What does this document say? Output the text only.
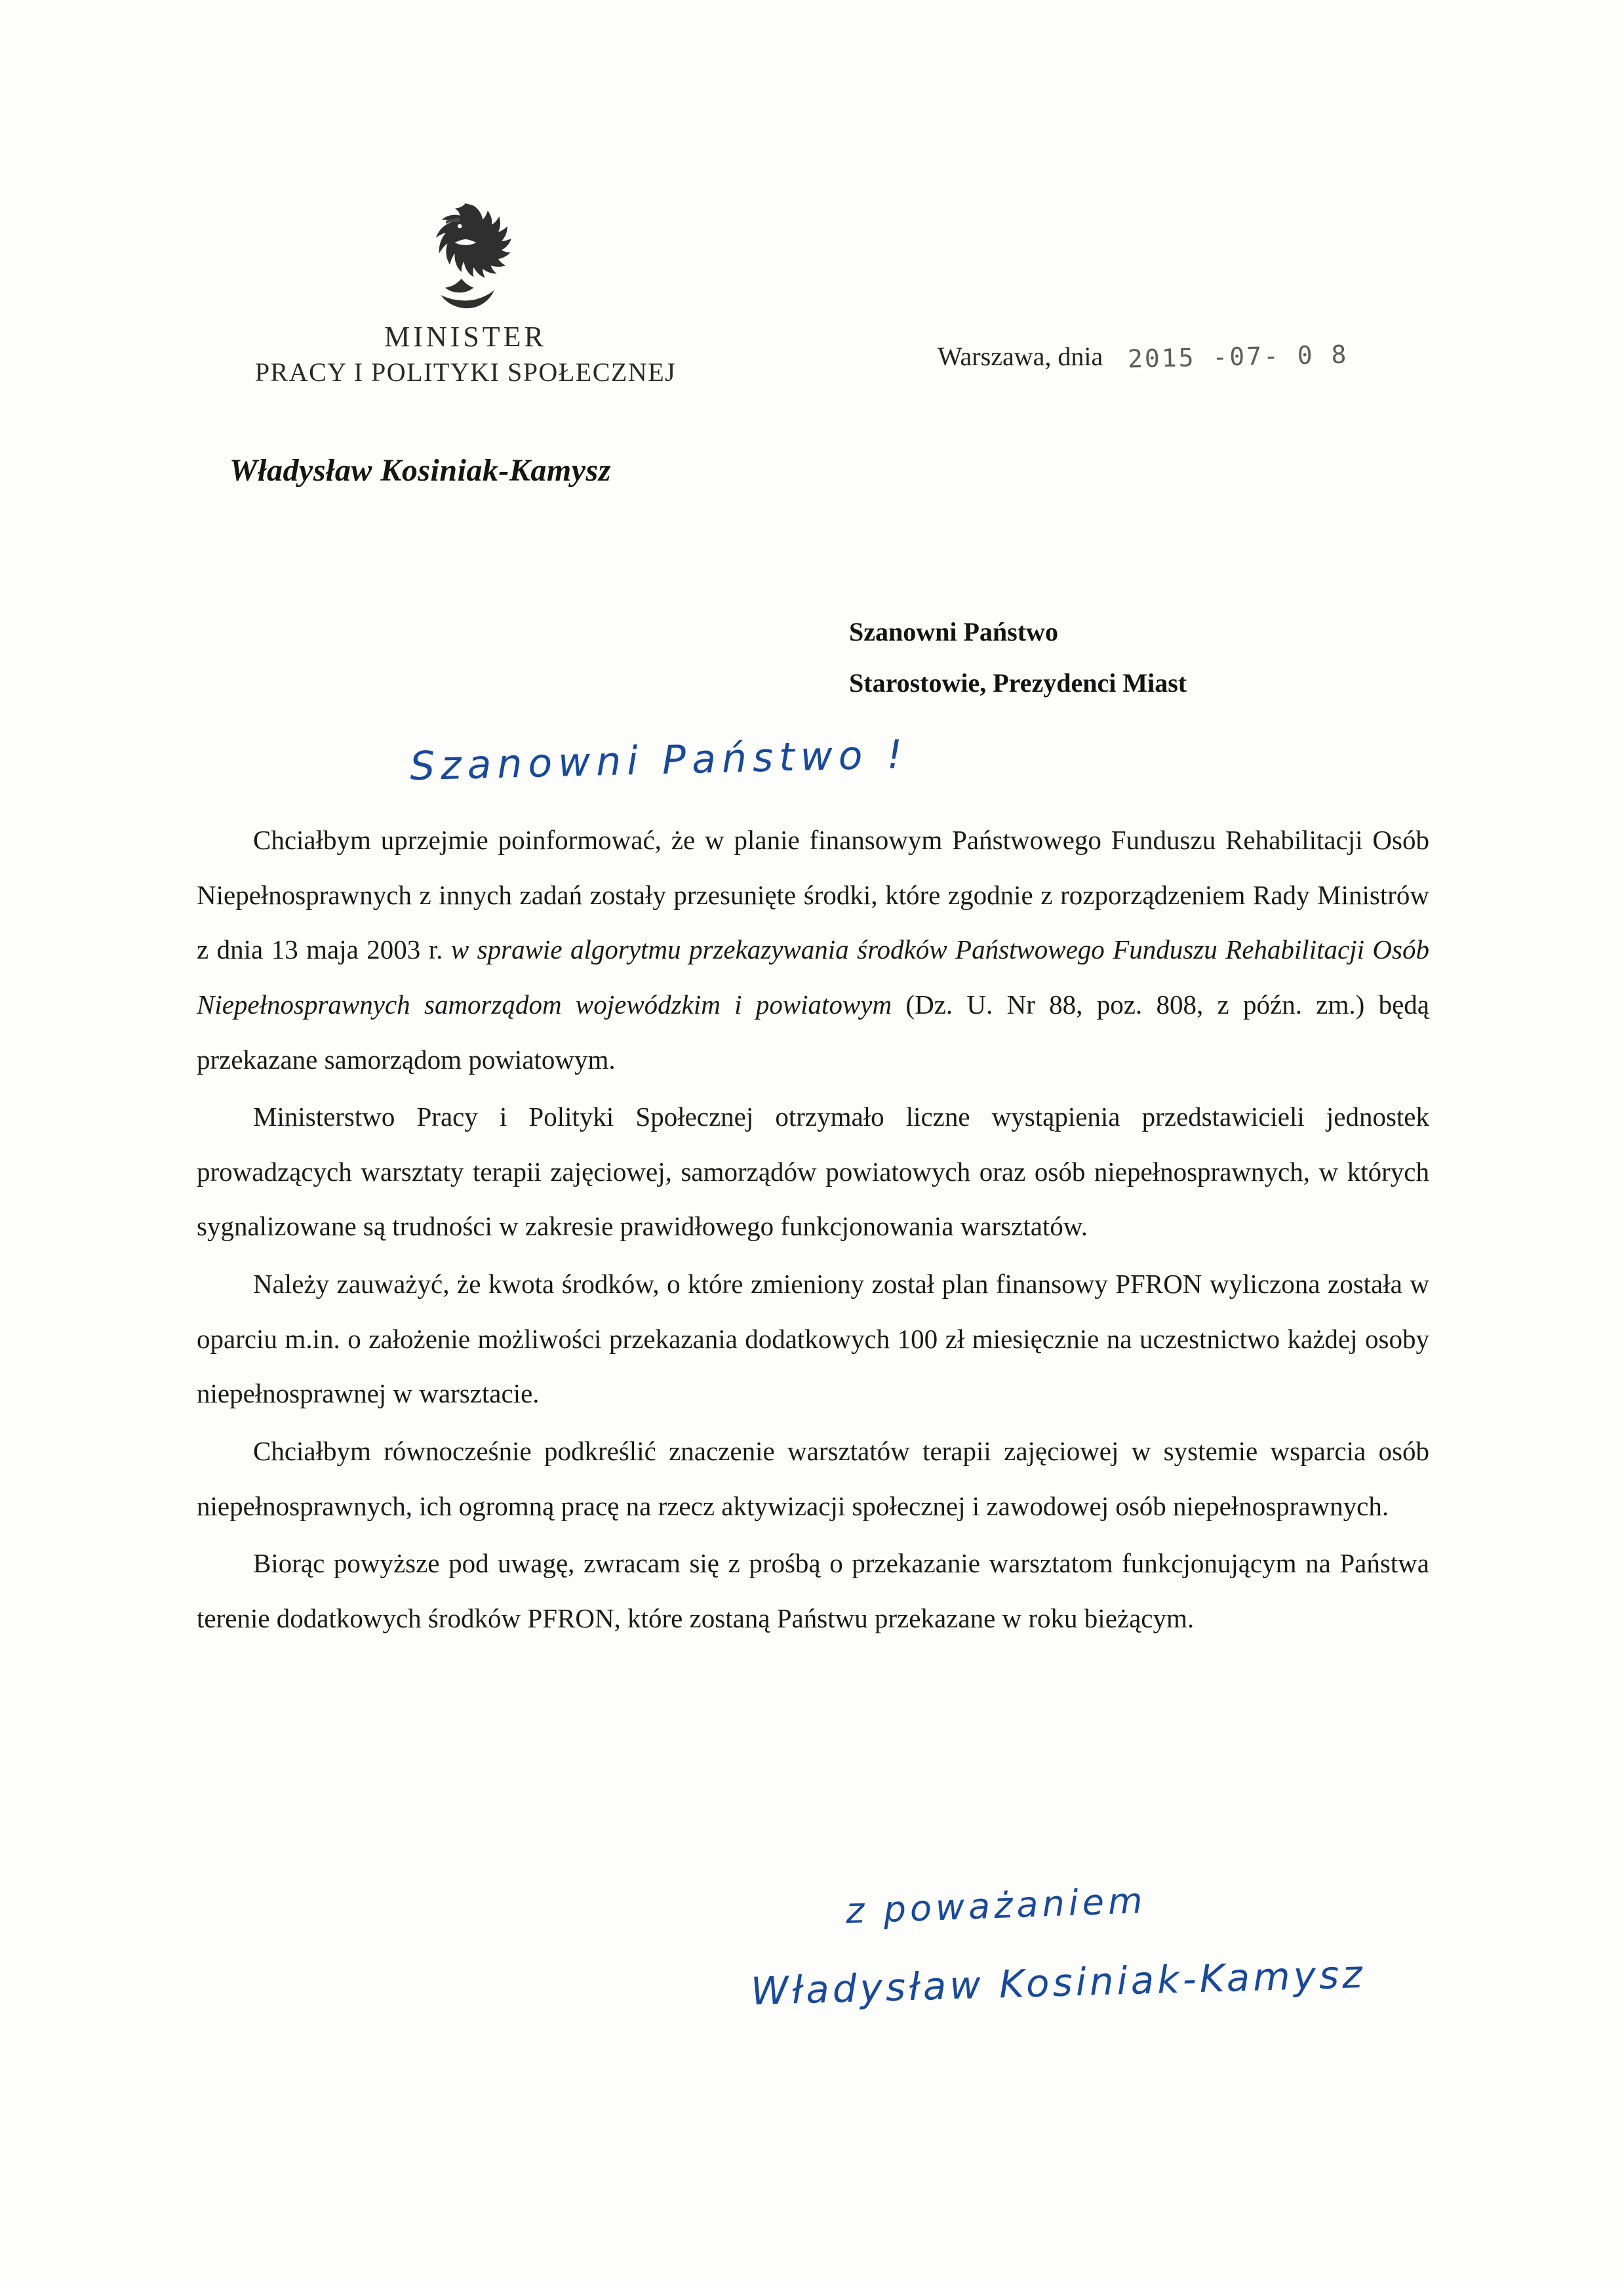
MINISTER
PRACY I POLITYKI SPOŁECZNEJ
Warszawa, dnia 2015 -07- 0 8
Władysław Kosiniak-Kamysz
Szanowni Państwo
Starostowie, Prezydenci Miast
Szanowni Państwo !

Chciałbym uprzejmie poinformować, że w planie finansowym Państwowego Funduszu Rehabilitacji Osób Niepełnosprawnych z innych zadań zostały przesunięte środki, które zgodnie z rozporządzeniem Rady Ministrów z dnia 13 maja 2003 r. w sprawie algorytmu przekazywania środków Państwowego Funduszu Rehabilitacji Osób Niepełnosprawnych samorządom wojewódzkim i powiatowym (Dz. U. Nr 88, poz. 808, z późn. zm.) będą przekazane samorządom powiatowym.

Ministerstwo Pracy i Polityki Społecznej otrzymało liczne wystąpienia przedstawicieli jednostek prowadzących warsztaty terapii zajęciowej, samorządów powiatowych oraz osób niepełnosprawnych, w których sygnalizowane są trudności w zakresie prawidłowego funkcjonowania warsztatów.

Należy zauważyć, że kwota środków, o które zmieniony został plan finansowy PFRON wyliczona została w oparciu m.in. o założenie możliwości przekazania dodatkowych 100 zł miesięcznie na uczestnictwo każdej osoby niepełnosprawnej w warsztacie.

Chciałbym równocześnie podkreślić znaczenie warsztatów terapii zajęciowej w systemie wsparcia osób niepełnosprawnych, ich ogromną pracę na rzecz aktywizacji społecznej i zawodowej osób niepełnosprawnych.

Biorąc powyższe pod uwagę, zwracam się z prośbą o przekazanie warsztatom funkcjonującym na Państwa terenie dodatkowych środków PFRON, które zostaną Państwu przekazane w roku bieżącym.

z poważaniem
Władysław Kosiniak-Kamysz
